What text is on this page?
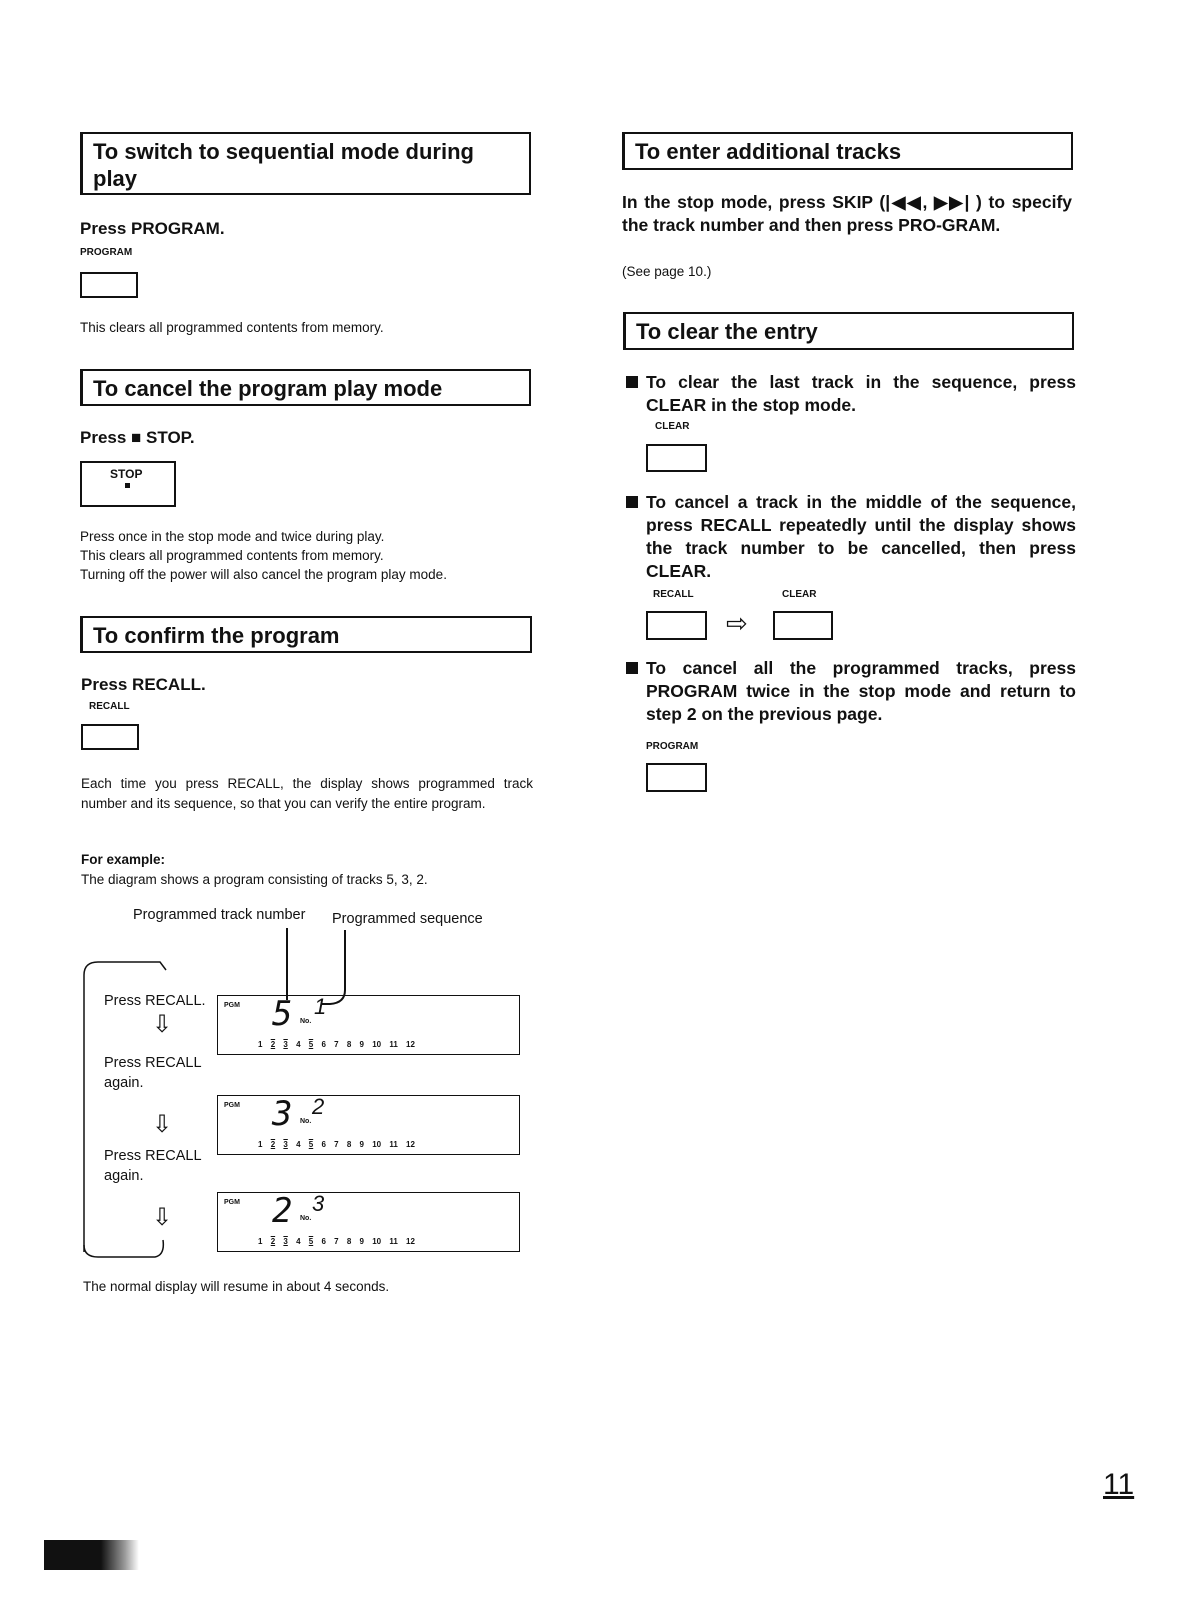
To switch to sequential mode during play
Press PROGRAM.
PROGRAM
This clears all programmed contents from memory.
To cancel the program play mode
Press ■ STOP.
STOP
Press once in the stop mode and twice during play.
This clears all programmed contents from memory.
Turning off the power will also cancel the program play mode.
To confirm the program
Press RECALL.
RECALL
Each time you press RECALL, the display shows programmed track number and its sequence, so that you can verify the entire program.
For example:
The diagram shows a program consisting of tracks 5, 3, 2.
Programmed track number Programmed sequence
Press RECALL.
⇩
Press RECALL again.
⇩
Press RECALL again.
⇩
PGM 5 No.
1
1 2 3 4 5 6 7 8 9 10 11 12
PGM 3 No.
2
1 2 3 4 5 6 7 8 9 10 11 12
PGM 2 No.
3
1 2 3 4 5 6 7 8 9 10 11 12
The normal display will resume in about 4 seconds.
To enter additional tracks
In the stop mode, press SKIP (|◀◀, ▶▶| ) to specify the track number and then press PRO-GRAM.
(See page 10.)
To clear the entry
To clear the last track in the sequence, press CLEAR in the stop mode.
CLEAR
To cancel a track in the middle of the sequence, press RECALL repeatedly until the display shows the track number to be cancelled, then press CLEAR.
RECALL	CLEAR
⇨
To cancel all the programmed tracks, press PROGRAM twice in the stop mode and return to step 2 on the previous page.
PROGRAM
11
